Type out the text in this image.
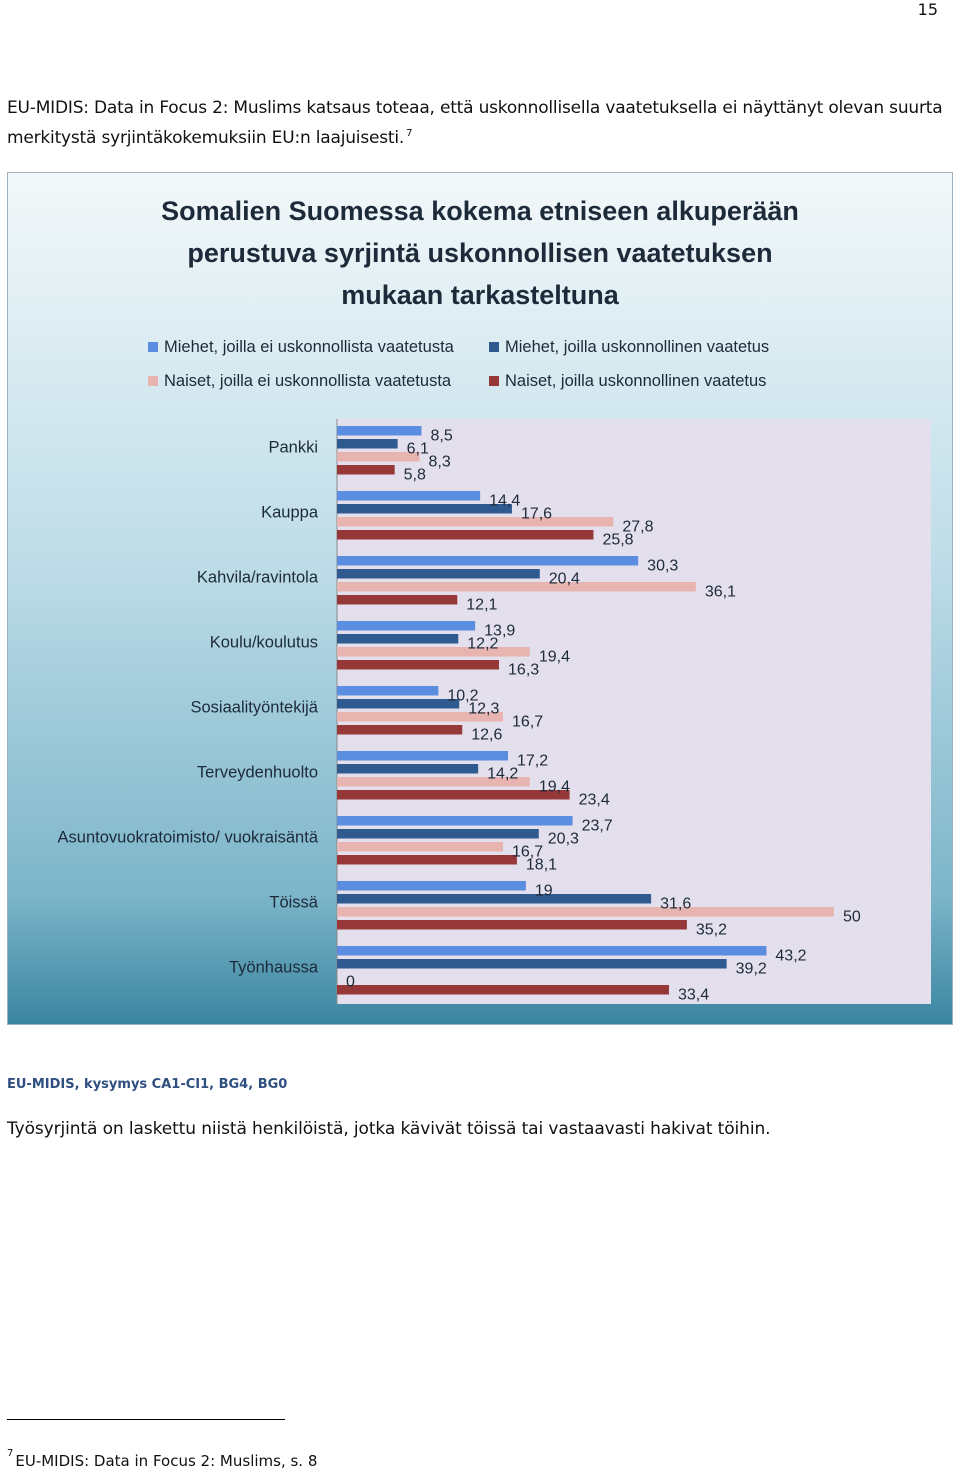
15
EU-MIDIS: Data in Focus 2: Muslims katsaus toteaa, että uskonnollisella vaatetuksella ei näyttänyt olevan suurta merkitystä syrjintäkokemuksiin EU:n laajuisesti. $^7$
Somalien Suomessa kokema etniseen alkuperään
perustuva syrjintä uskonnollisen vaatetuksen
mukaan tarkasteltuna
Miehet, joilla ei uskonnollista vaatetusta	Miehet, joilla uskonnollinen vaatetus
Naiset, joilla ei uskonnollista vaatetusta	Naiset, joilla uskonnollinen vaatetus
Pankki
Kauppa
Kahvila/ravintola
Koulu/koulutus
Sosiaalityöntekijä
Terveydenhuolto
Asuntovuokratoimisto/ vuokraisäntä
Töissä
Työnhaussa
8,5
6,1
8,3
5,8
14,4
17,6
27,8
25,8
30,3
20,4
36,1
12,1
13,9
12,2
19,4
16,3
10,2
12,3
16,7
12,6
17,2
14,2
19,4
23,4
23,7
20,3
16,7
18,1
19
31,6
50
35,2
43,2
39,2
0
33,4
EU-MIDIS, kysymys CA1-CI1, BG4, BG0
Työsyrjintä on laskettu niistä henkilöistä, jotka kävivät töissä tai vastaavasti hakivat töihin.
$^7$ EU-MIDIS: Data in Focus 2: Muslims, s. 8
